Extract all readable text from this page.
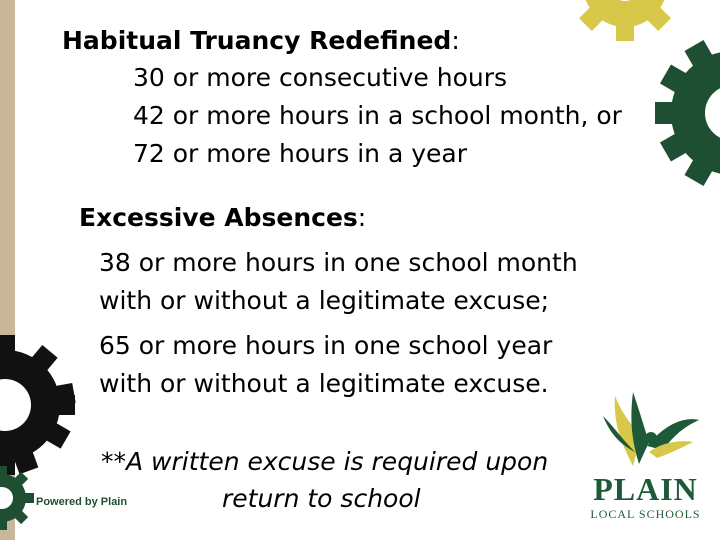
Habitual Truancy Redefined:

30 or more consecutive hours

42 or more hours in a school month, or

72 or more hours in a year

Excessive Absences:

38 or more hours in one school month

with or without a legitimate excuse;

65 or more hours in one school year

with or without a legitimate excuse.

**A written excuse is required upon

return to school

Powered by Plain	PLAIN
LOCAL SCHOOLS
